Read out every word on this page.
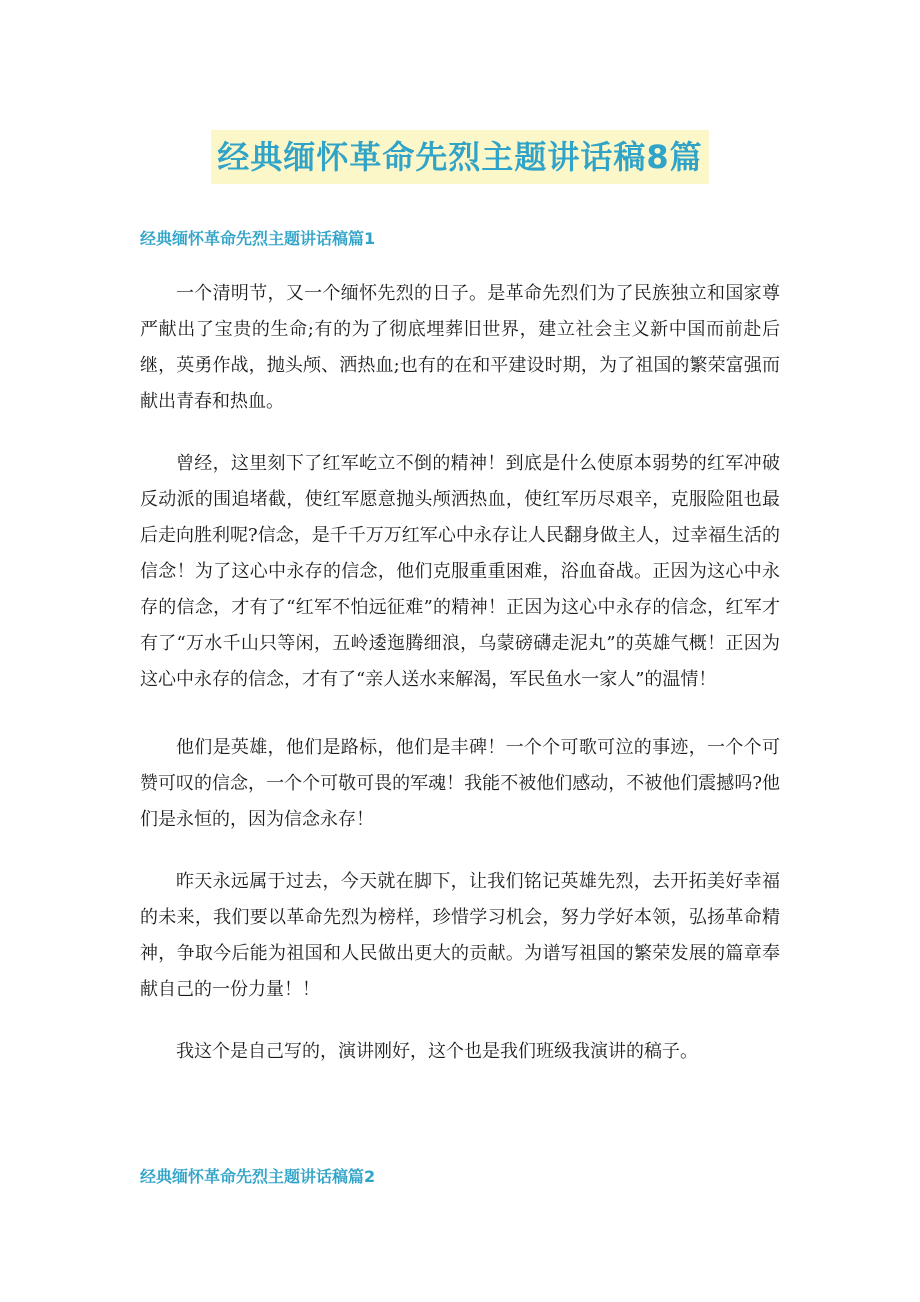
经典缅怀革命先烈主题讲话稿8篇
经典缅怀革命先烈主题讲话稿篇1

一个清明节，又一个缅怀先烈的日子。是革命先烈们为了民族独立和国家尊严献出了宝贵的生命;有的为了彻底埋葬旧世界，建立社会主义新中国而前赴后继，英勇作战，抛头颅、洒热血;也有的在和平建设时期，为了祖国的繁荣富强而献出青春和热血。

曾经，这里刻下了红军屹立不倒的精神！到底是什么使原本弱势的红军冲破反动派的围追堵截，使红军愿意抛头颅洒热血，使红军历尽艰辛，克服险阻也最后走向胜利呢?信念，是千千万万红军心中永存让人民翻身做主人，过幸福生活的信念！为了这心中永存的信念，他们克服重重困难，浴血奋战。正因为这心中永存的信念，才有了“红军不怕远征难”的精神！正因为这心中永存的信念，红军才有了“万水千山只等闲，五岭逶迤腾细浪，乌蒙磅礴走泥丸”的英雄气概！正因为这心中永存的信念，才有了“亲人送水来解渴，军民鱼水一家人”的温情！

他们是英雄，他们是路标，他们是丰碑！一个个可歌可泣的事迹，一个个可赞可叹的信念，一个个可敬可畏的军魂！我能不被他们感动，不被他们震撼吗?他们是永恒的，因为信念永存！

昨天永远属于过去，今天就在脚下，让我们铭记英雄先烈，去开拓美好幸福的未来，我们要以革命先烈为榜样，珍惜学习机会，努力学好本领，弘扬革命精神，争取今后能为祖国和人民做出更大的贡献。为谱写祖国的繁荣发展的篇章奉献自己的一份力量！！

我这个是自己写的，演讲刚好，这个也是我们班级我演讲的稿子。

经典缅怀革命先烈主题讲话稿篇2
